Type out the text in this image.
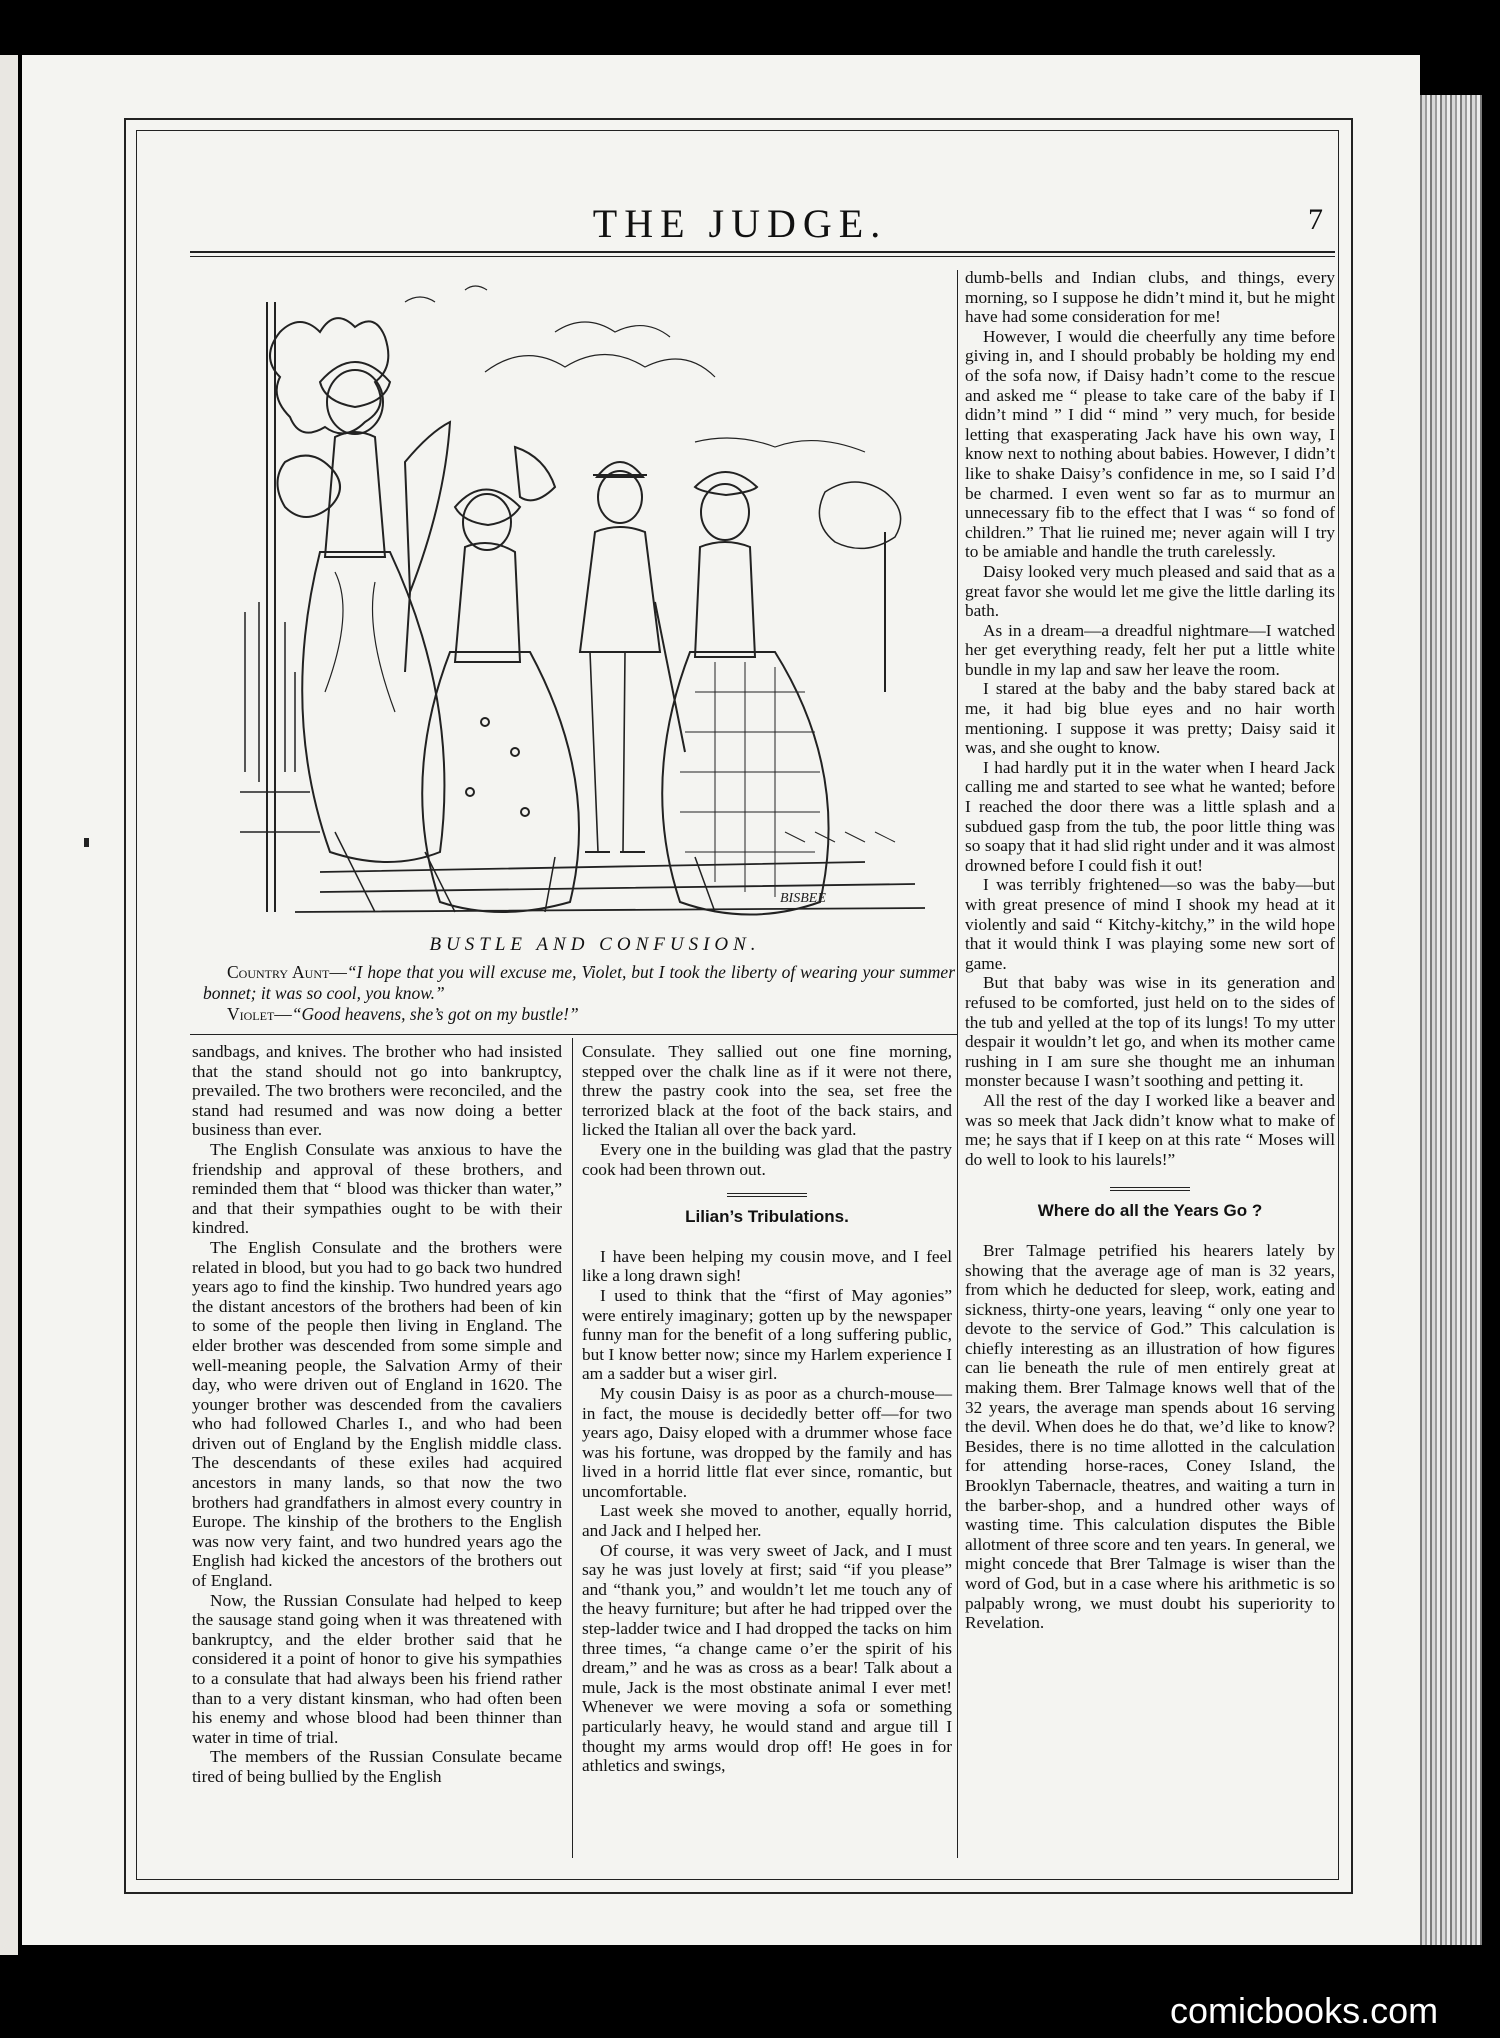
THE JUDGE.	7
BISBEE
BUSTLE AND CONFUSION.

Country Aunt—“I hope that you will excuse me, Violet, but I took the liberty of wearing your summer bonnet; it was so cool, you know.”

Violet—“Good heavens, she’s got on my bustle!”

sandbags, and knives. The brother who had insisted that the stand should not go into bankruptcy, prevailed. The two brothers were reconciled, and the stand had resumed and was now doing a better business than ever.

The English Consulate was anxious to have the friendship and approval of these brothers, and reminded them that “ blood was thicker than water,” and that their sympathies ought to be with their kindred.

The English Consulate and the brothers were related in blood, but you had to go back two hundred years ago to find the kinship. Two hundred years ago the distant ancestors of the brothers had been of kin to some of the people then living in England. The elder brother was descended from some simple and well-meaning people, the Salvation Army of their day, who were driven out of England in 1620. The younger brother was descended from the cavaliers who had followed Charles I., and who had been driven out of England by the English middle class. The descendants of these exiles had acquired ancestors in many lands, so that now the two brothers had grandfathers in almost every country in Europe. The kinship of the brothers to the English was now very faint, and two hundred years ago the English had kicked the ancestors of the brothers out of England.

Now, the Russian Consulate had helped to keep the sausage stand going when it was threatened with bankruptcy, and the elder brother said that he considered it a point of honor to give his sympathies to a consulate that had always been his friend rather than to a very distant kinsman, who had often been his enemy and whose blood had been thinner than water in time of trial.

The members of the Russian Consulate became tired of being bullied by the English

Consulate. They sallied out one fine morning, stepped over the chalk line as if it were not there, threw the pastry cook into the sea, set free the terrorized black at the foot of the back stairs, and licked the Italian all over the back yard.

Every one in the building was glad that the pastry cook had been thrown out.

Lilian’s Tribulations.

I have been helping my cousin move, and I feel like a long drawn sigh!

I used to think that the “first of May agonies” were entirely imaginary; gotten up by the newspaper funny man for the benefit of a long suffering public, but I know better now; since my Harlem experience I am a sadder but a wiser girl.

My cousin Daisy is as poor as a church-mouse—in fact, the mouse is decidedly better off—for two years ago, Daisy eloped with a drummer whose face was his fortune, was dropped by the family and has lived in a horrid little flat ever since, romantic, but uncomfortable.

Last week she moved to another, equally horrid, and Jack and I helped her.

Of course, it was very sweet of Jack, and I must say he was just lovely at first; said “if you please” and “thank you,” and wouldn’t let me touch any of the heavy furniture; but after he had tripped over the step-ladder twice and I had dropped the tacks on him three times, “a change came o’er the spirit of his dream,” and he was as cross as a bear! Talk about a mule, Jack is the most obstinate animal I ever met! Whenever we were moving a sofa or something particularly heavy, he would stand and argue till I thought my arms would drop off! He goes in for athletics and swings,

dumb-bells and Indian clubs, and things, every morning, so I suppose he didn’t mind it, but he might have had some consideration for me!

However, I would die cheerfully any time before giving in, and I should probably be holding my end of the sofa now, if Daisy hadn’t come to the rescue and asked me “ please to take care of the baby if I didn’t mind ” I did “ mind ” very much, for beside letting that exasperating Jack have his own way, I know next to nothing about babies. However, I didn’t like to shake Daisy’s confidence in me, so I said I’d be charmed. I even went so far as to murmur an unnecessary fib to the effect that I was “ so fond of children.” That lie ruined me; never again will I try to be amiable and handle the truth carelessly.

Daisy looked very much pleased and said that as a great favor she would let me give the little darling its bath.

As in a dream—a dreadful nightmare—I watched her get everything ready, felt her put a little white bundle in my lap and saw her leave the room.

I stared at the baby and the baby stared back at me, it had big blue eyes and no hair worth mentioning. I suppose it was pretty; Daisy said it was, and she ought to know.

I had hardly put it in the water when I heard Jack calling me and started to see what he wanted; before I reached the door there was a little splash and a subdued gasp from the tub, the poor little thing was so soapy that it had slid right under and it was almost drowned before I could fish it out!

I was terribly frightened—so was the baby—but with great presence of mind I shook my head at it violently and said “ Kitchy-kitchy,” in the wild hope that it would think I was playing some new sort of game.

But that baby was wise in its generation and refused to be comforted, just held on to the sides of the tub and yelled at the top of its lungs! To my utter despair it wouldn’t let go, and when its mother came rushing in I am sure she thought me an inhuman monster because I wasn’t soothing and petting it.

All the rest of the day I worked like a beaver and was so meek that Jack didn’t know what to make of me; he says that if I keep on at this rate “ Moses will do well to look to his laurels!”

Where do all the Years Go ?

Brer Talmage petrified his hearers lately by showing that the average age of man is 32 years, from which he deducted for sleep, work, eating and sickness, thirty-one years, leaving “ only one year to devote to the service of God.” This calculation is chiefly interesting as an illustration of how figures can lie beneath the rule of men entirely great at making them. Brer Talmage knows well that of the 32 years, the average man spends about 16 serving the devil. When does he do that, we’d like to know? Besides, there is no time allotted in the calculation for attending horse-races, Coney Island, the Brooklyn Tabernacle, theatres, and waiting a turn in the barber-shop, and a hundred other ways of wasting time. This calculation disputes the Bible allotment of three score and ten years. In general, we might concede that Brer Talmage is wiser than the word of God, but in a case where his arithmetic is so palpably wrong, we must doubt his superiority to Revelation.

comicbooks.com
